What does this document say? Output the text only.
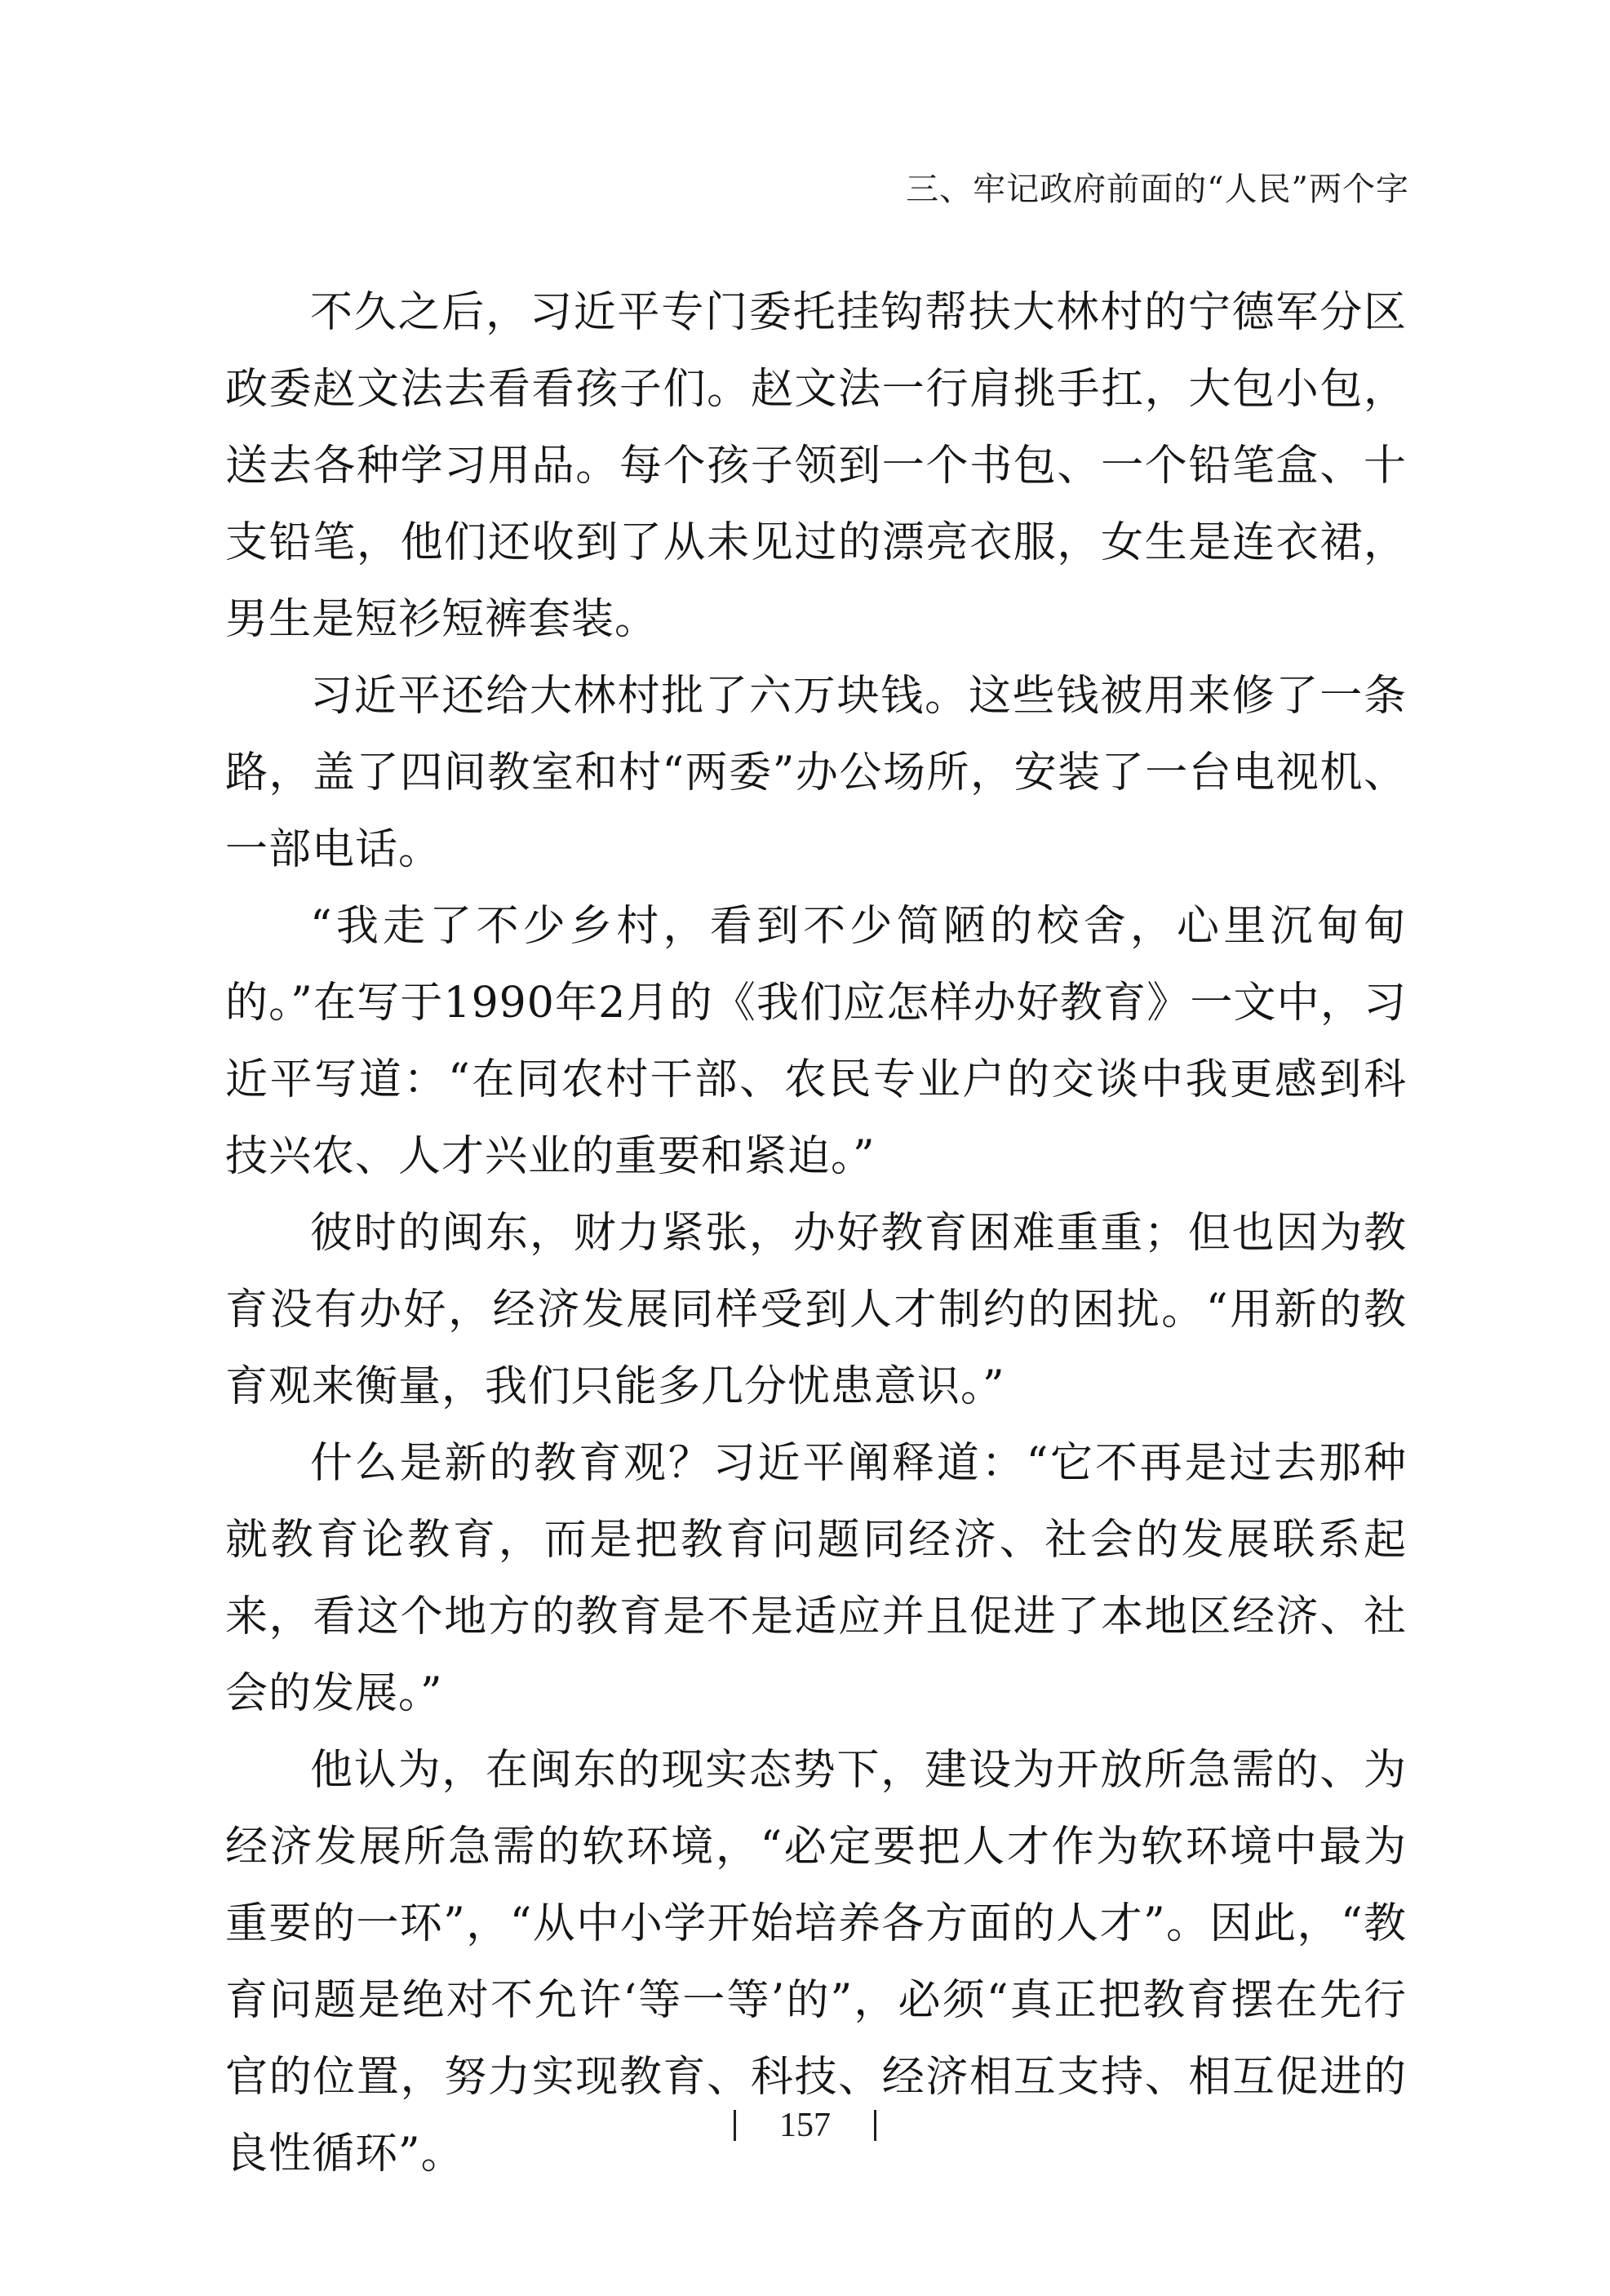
三、牢记政府前面的“人民”两个字

不久之后，习近平专门委托挂钩帮扶大林村的宁德军分区政委赵文法去看看孩子们。赵文法一行肩挑手扛，大包小包，送去各种学习用品。每个孩子领到一个书包、一个铅笔盒、十支铅笔，他们还收到了从未见过的漂亮衣服，女生是连衣裙，男生是短衫短裤套装。

习近平还给大林村批了六万块钱。这些钱被用来修了一条路，盖了四间教室和村“两委”办公场所，安装了一台电视机、一部电话。

“我走了不少乡村，看到不少简陋的校舍，心里沉甸甸的。”在写于1990年2月的《我们应怎样办好教育》一文中，习近平写道：“在同农村干部、农民专业户的交谈中我更感到科技兴农、人才兴业的重要和紧迫。”

彼时的闽东，财力紧张，办好教育困难重重；但也因为教育没有办好，经济发展同样受到人才制约的困扰。“用新的教育观来衡量，我们只能多几分忧患意识。”

什么是新的教育观？习近平阐释道：“它不再是过去那种就教育论教育，而是把教育问题同经济、社会的发展联系起来，看这个地方的教育是不是适应并且促进了本地区经济、社会的发展。”

他认为，在闽东的现实态势下，建设为开放所急需的、为经济发展所急需的软环境，“必定要把人才作为软环境中最为重要的一环”，“从中小学开始培养各方面的人才”。因此，“教育问题是绝对不允许‘等一等’的”，必须“真正把教育摆在先行官的位置，努力实现教育、科技、经济相互支持、相互促进的良性循环”。

157
